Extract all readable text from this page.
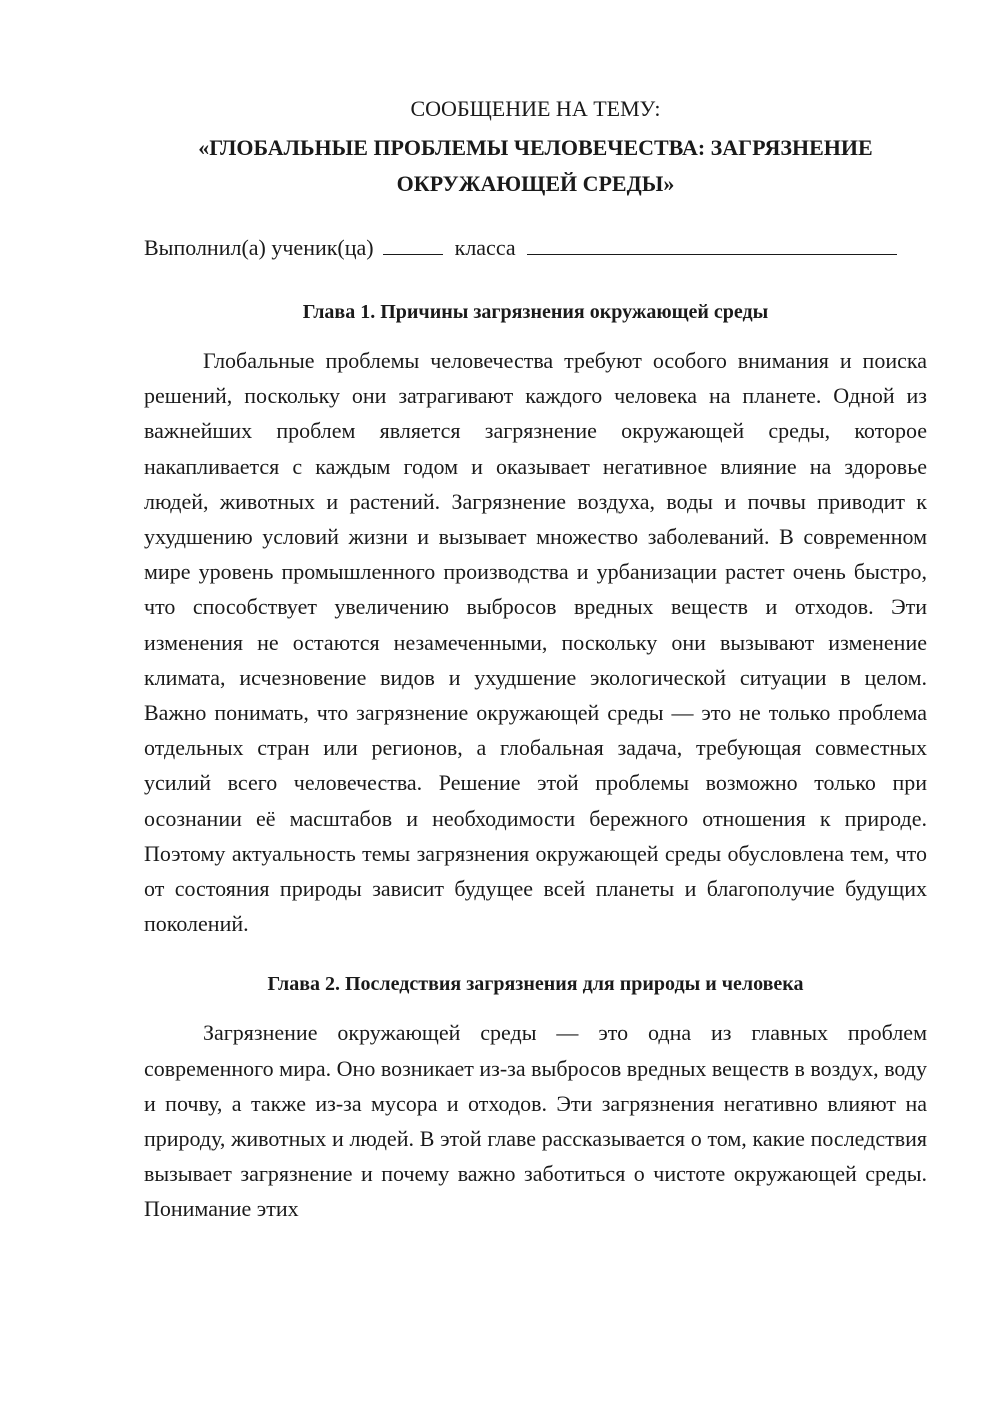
СООБЩЕНИЕ НА ТЕМУ:
«ГЛОБАЛЬНЫЕ ПРОБЛЕМЫ ЧЕЛОВЕЧЕСТВА: ЗАГРЯЗНЕНИЕ ОКРУЖАЮЩЕЙ СРЕДЫ»
Выполнил(а) ученик(ца)	класса
Глава 1. Причины загрязнения окружающей среды

Глобальные проблемы человечества требуют особого внимания и поиска решений, поскольку они затрагивают каждого человека на планете. Одной из важнейших проблем является загрязнение окружающей среды, которое накапливается с каждым годом и оказывает негативное влияние на здоровье людей, животных и растений. Загрязнение воздуха, воды и почвы приводит к ухудшению условий жизни и вызывает множество заболеваний. В современном мире уровень промышленного производства и урбанизации растет очень быстро, что способствует увеличению выбросов вредных веществ и отходов. Эти изменения не остаются незамеченными, поскольку они вызывают изменение климата, исчезновение видов и ухудшение экологической ситуации в целом. Важно понимать, что загрязнение окружающей среды — это не только проблема отдельных стран или регионов, а глобальная задача, требующая совместных усилий всего человечества. Решение этой проблемы возможно только при осознании её масштабов и необходимости бережного отношения к природе. Поэтому актуальность темы загрязнения окружающей среды обусловлена тем, что от состояния природы зависит будущее всей планеты и благополучие будущих поколений.

Глава 2. Последствия загрязнения для природы и человека

Загрязнение окружающей среды — это одна из главных проблем современного мира. Оно возникает из-за выбросов вредных веществ в воздух, воду и почву, а также из-за мусора и отходов. Эти загрязнения негативно влияют на природу, животных и людей. В этой главе рассказывается о том, какие последствия вызывает загрязнение и почему важно заботиться о чистоте окружающей среды. Понимание этих
